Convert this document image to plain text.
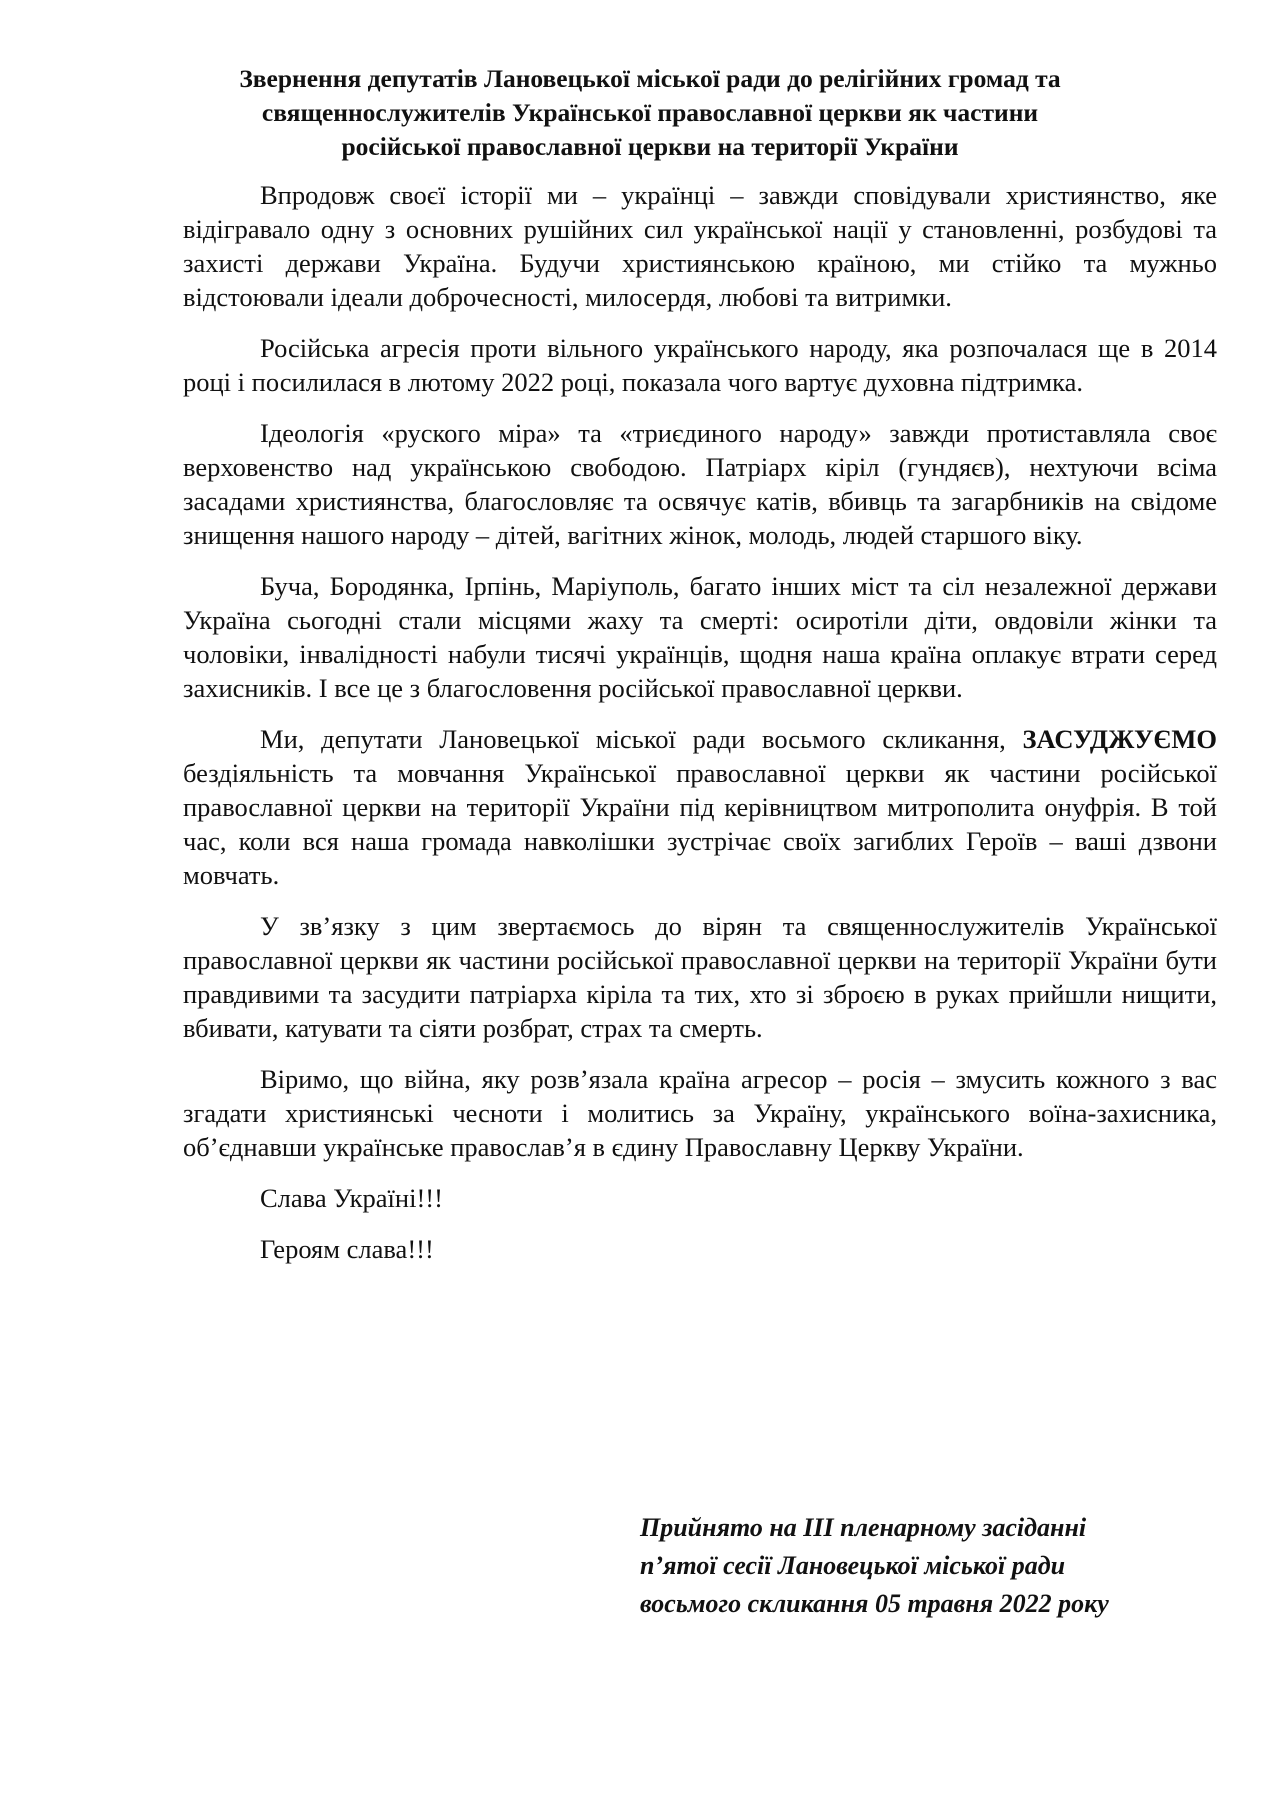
Звернення депутатів Лановецької міської ради до релігійних громад та
священнослужителів Української православної церкви як частини
російської православної церкви на території України

Впродовж своєї історії ми – українці – завжди сповідували християнство, яке відігравало одну з основних рушійних сил української нації у становленні, розбудові та захисті держави Україна. Будучи християнською країною, ми стійко та мужньо відстоювали ідеали доброчесності, милосердя, любові та витримки.

Російська агресія проти вільного українського народу, яка розпочалася ще в 2014 році і посилилася в лютому 2022 році, показала чого вартує духовна підтримка.

Ідеологія «руского міра» та «триєдиного народу» завжди протиставляла своє верховенство над українською свободою. Патріарх кіріл (гундяєв), нехтуючи всіма засадами християнства, благословляє та освячує катів, вбивць та загарбників на свідоме знищення нашого народу – дітей, вагітних жінок, молодь, людей старшого віку.

Буча, Бородянка, Ірпінь, Маріуполь, багато інших міст та сіл незалежної держави Україна сьогодні стали місцями жаху та смерті: осиротіли діти, овдовіли жінки та чоловіки, інвалідності набули тисячі українців, щодня наша країна оплакує втрати серед захисників. І все це з благословення російської православної церкви.

Ми, депутати Лановецької міської ради восьмого скликання, ЗАСУДЖУЄМО бездіяльність та мовчання Української православної церкви як частини російської православної церкви на території України під керівництвом митрополита онуфрія. В той час, коли вся наша громада навколішки зустрічає своїх загиблих Героїв – ваші дзвони мовчать.

У зв’язку з цим звертаємось до вірян та священнослужителів Української православної церкви як частини російської православної церкви на території України бути правдивими та засудити патріарха кіріла та тих, хто зі зброєю в руках прийшли нищити, вбивати, катувати та сіяти розбрат, страх та смерть.

Віримо, що війна, яку розв’язала країна агресор – росія – змусить кожного з вас згадати християнські чесноти і молитись за Україну, українського воїна-захисника, об’єднавши українське православ’я в єдину Православну Церкву України.

Слава Україні!!!

Героям слава!!!

Прийнято на ІІІ пленарному засіданні
п’ятої сесії Лановецької міської ради
восьмого скликання 05 травня 2022 року
